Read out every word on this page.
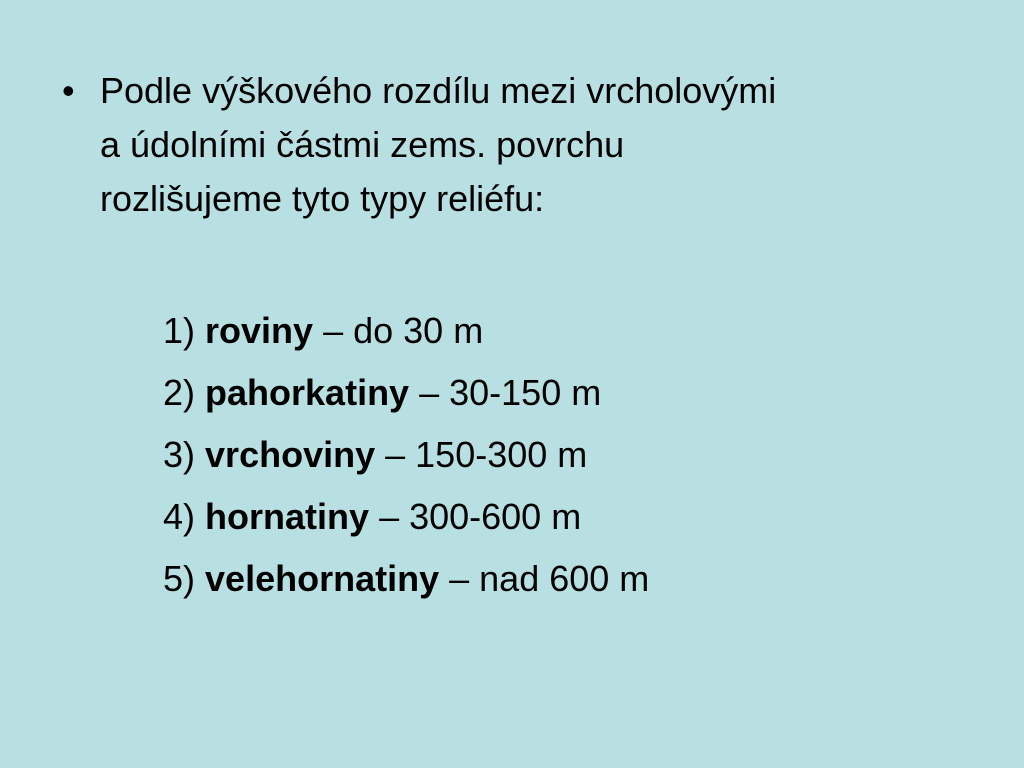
• Podle výškového rozdílu mezi vrcholovými
a údolními částmi zems. povrchu
rozlišujeme tyto typy reliéfu:
1) roviny – do 30 m
2) pahorkatiny – 30-150 m
3) vrchoviny – 150-300 m
4) hornatiny – 300-600 m
5) velehornatiny – nad 600 m
